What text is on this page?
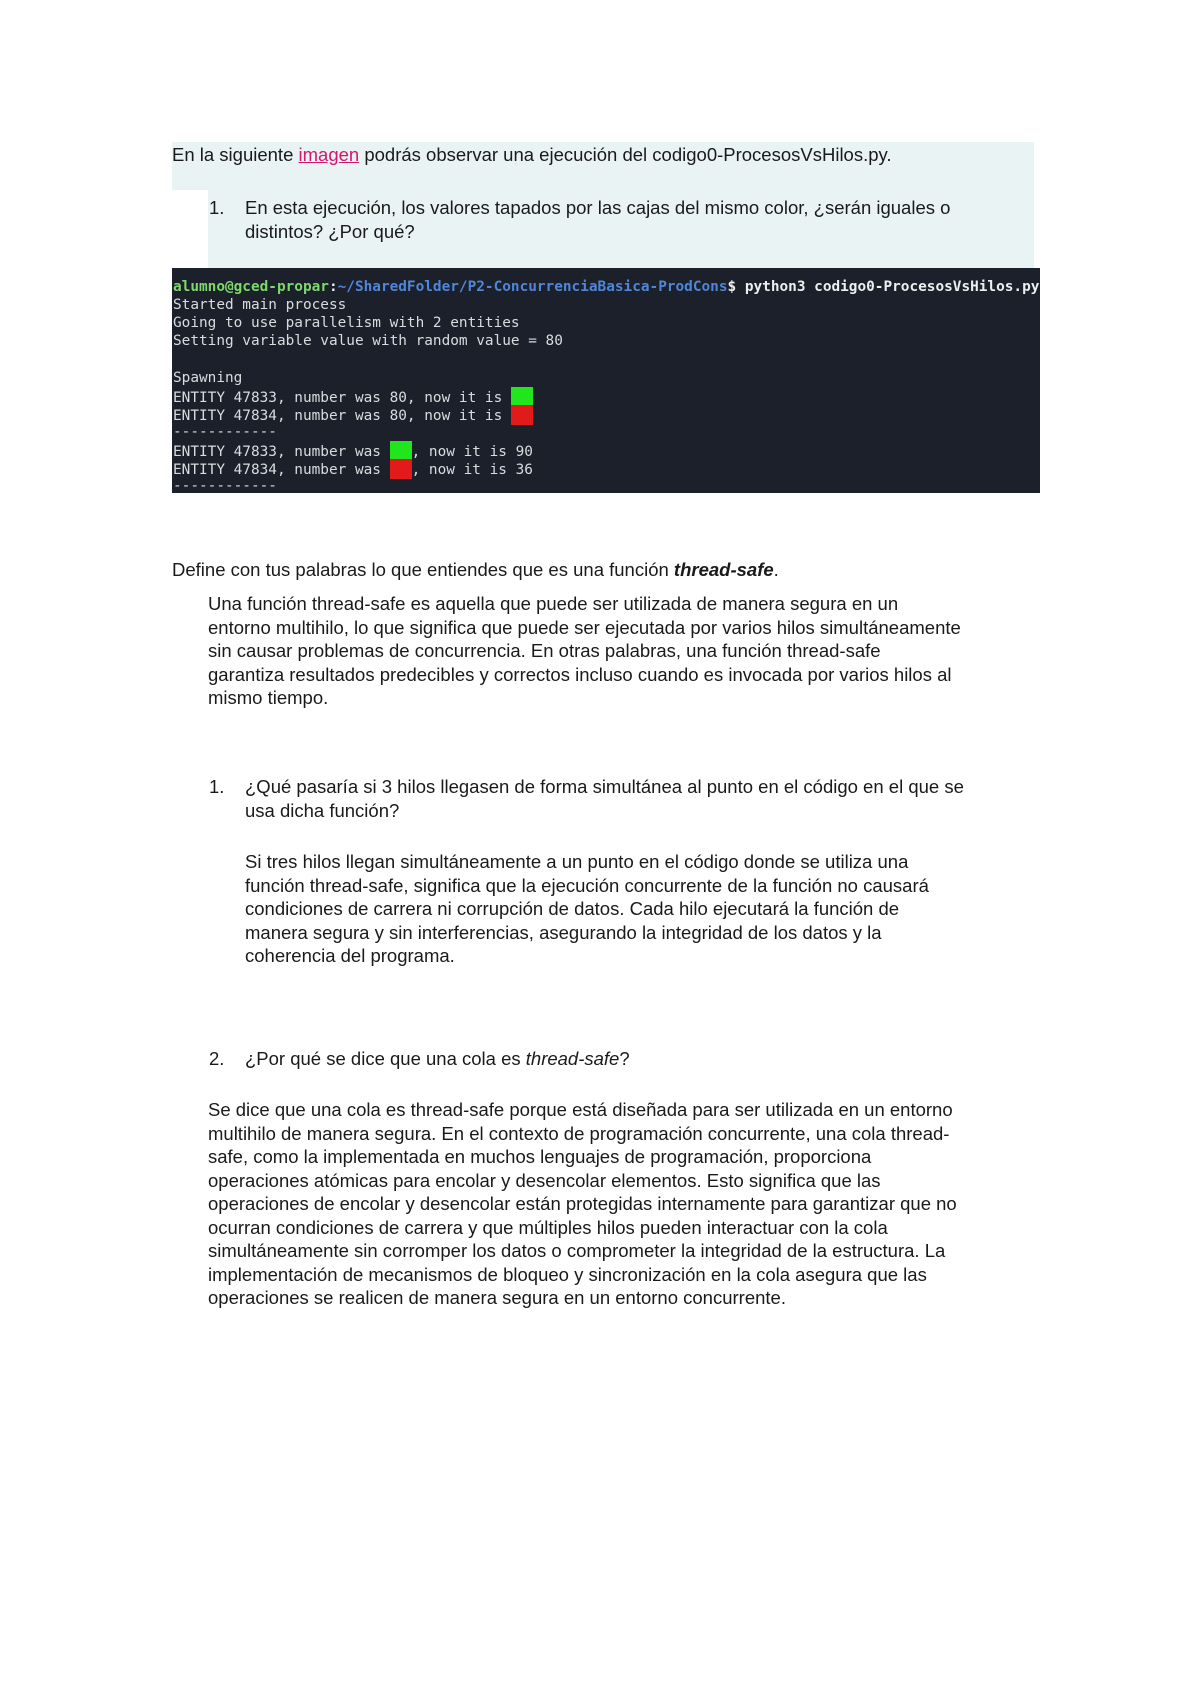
En la siguiente imagen podrás observar una ejecución del codigo0-ProcesosVsHilos.py.
1. En esta ejecución, los valores tapados por las cajas del mismo color, ¿serán iguales o
distintos? ¿Por qué?
alumno@gced-propar:~/SharedFolder/P2-ConcurrenciaBasica-ProdCons$ python3 codigo0-ProcesosVsHilos.py
Started main process
Going to use parallelism with 2 entities
Setting variable value with random value = 80
Spawning
ENTITY 47833, number was 80, now it is
ENTITY 47834, number was 80, now it is
------------
ENTITY 47833, number was , now it is 90
ENTITY 47834, number was , now it is 36
------------
Define con tus palabras lo que entiendes que es una función thread-safe.
Una función thread-safe es aquella que puede ser utilizada de manera segura en un
entorno multihilo, lo que significa que puede ser ejecutada por varios hilos simultáneamente
sin causar problemas de concurrencia. En otras palabras, una función thread-safe
garantiza resultados predecibles y correctos incluso cuando es invocada por varios hilos al
mismo tiempo.
1. ¿Qué pasaría si 3 hilos llegasen de forma simultánea al punto en el código en el que se
usa dicha función?
Si tres hilos llegan simultáneamente a un punto en el código donde se utiliza una
función thread-safe, significa que la ejecución concurrente de la función no causará
condiciones de carrera ni corrupción de datos. Cada hilo ejecutará la función de
manera segura y sin interferencias, asegurando la integridad de los datos y la
coherencia del programa.
2. ¿Por qué se dice que una cola es thread-safe?
Se dice que una cola es thread-safe porque está diseñada para ser utilizada en un entorno
multihilo de manera segura. En el contexto de programación concurrente, una cola thread-
safe, como la implementada en muchos lenguajes de programación, proporciona
operaciones atómicas para encolar y desencolar elementos. Esto significa que las
operaciones de encolar y desencolar están protegidas internamente para garantizar que no
ocurran condiciones de carrera y que múltiples hilos pueden interactuar con la cola
simultáneamente sin corromper los datos o comprometer la integridad de la estructura. La
implementación de mecanismos de bloqueo y sincronización en la cola asegura que las
operaciones se realicen de manera segura en un entorno concurrente.
